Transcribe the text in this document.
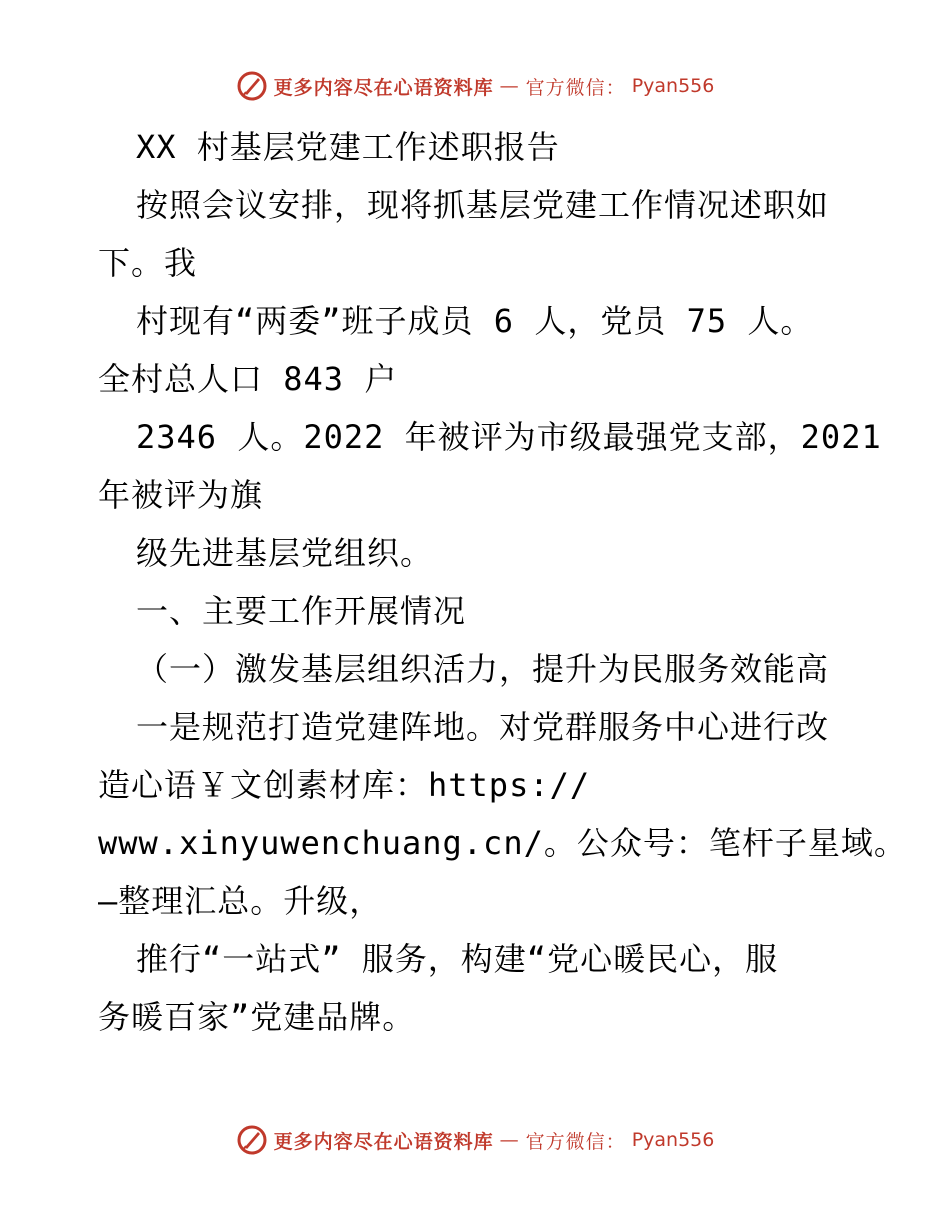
更多内容尽在心语资料库 — 官方微信： Pyan556
XX 村基层党建工作述职报告
按照会议安排，现将抓基层党建工作情况述职如
下。我
村现有“两委”班子成员 6 人，党员 75 人。
全村总人口 843 户
2346 人。2022 年被评为市级最强党支部，2021
年被评为旗
级先进基层党组织。
一、主要工作开展情况
（一）激发基层组织活力，提升为民服务效能高
一是规范打造党建阵地。对党群服务中心进行改
造心语￥文创素材库：https://
www.xinyuwenchuang.cn/。公众号：笔杆子星域。
—整理汇总。升级，
推行“一站式” 服务，构建“党心暖民心，服
务暖百家”党建品牌。
更多内容尽在心语资料库 — 官方微信： Pyan556
